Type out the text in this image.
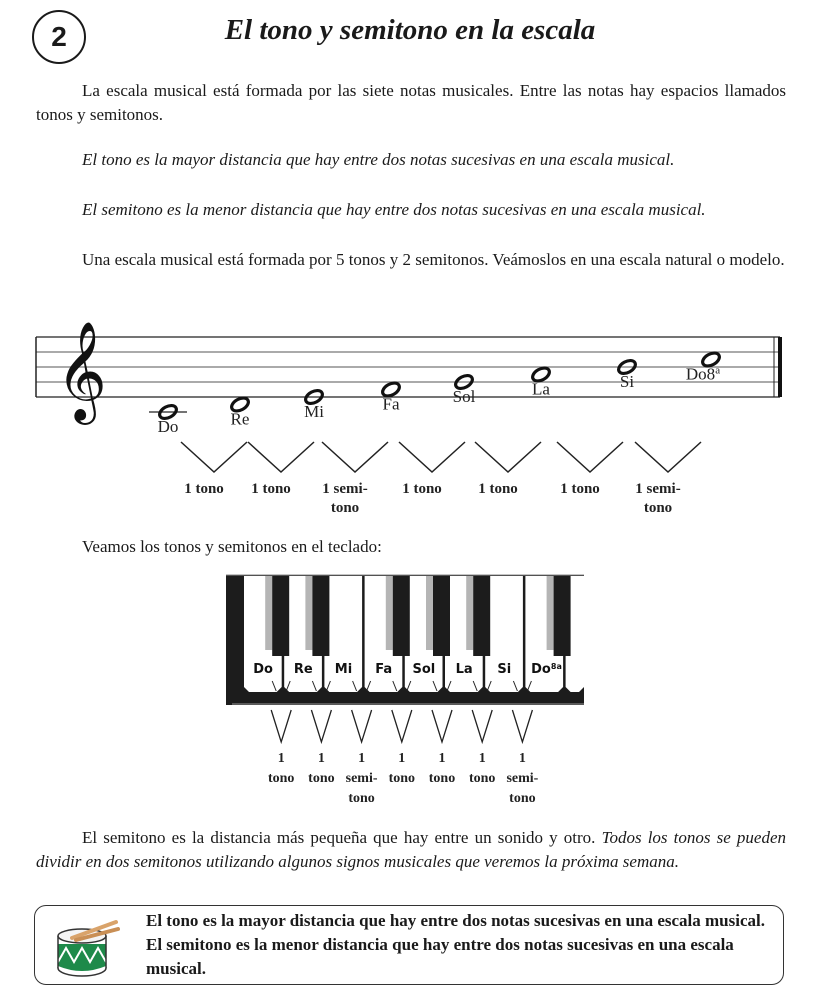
2	El tono y semitono en la escala
La escala musical está formada por las siete notas musicales. Entre las notas hay espacios llamados tonos y semitonos.
El tono es la mayor distancia que hay entre dos notas sucesivas en una escala musical.
El semitono es la menor distancia que hay entre dos notas sucesivas en una escala musical.
Una escala musical está formada por 5 tonos y 2 semitonos. Veámoslos en una escala natural o modelo.
𝄞
Do	Re	Mi	Fa	Sol	La	Si	Do8$^a$
1 tono 1 tono 1 semi-
tono
1 tono 1 tono	1 tono 1 semi-
tono
Veamos los tonos y semitonos en el teclado:
Do Re Mi Fa Sol La Si $Do^{8a}$
1
tono
1
tono
1
semi-
tono
1
tono
1
tono
1
tono
1
semi-
tono
El semitono es la distancia más pequeña que hay entre un sonido y otro. Todos los tonos se pueden dividir en dos semitonos utilizando algunos signos musicales que veremos la próxima semana.
El tono es la mayor distancia que hay entre dos notas sucesivas en una escala musical. El semitono es la menor distancia que hay entre dos notas sucesivas en una escala musical.
